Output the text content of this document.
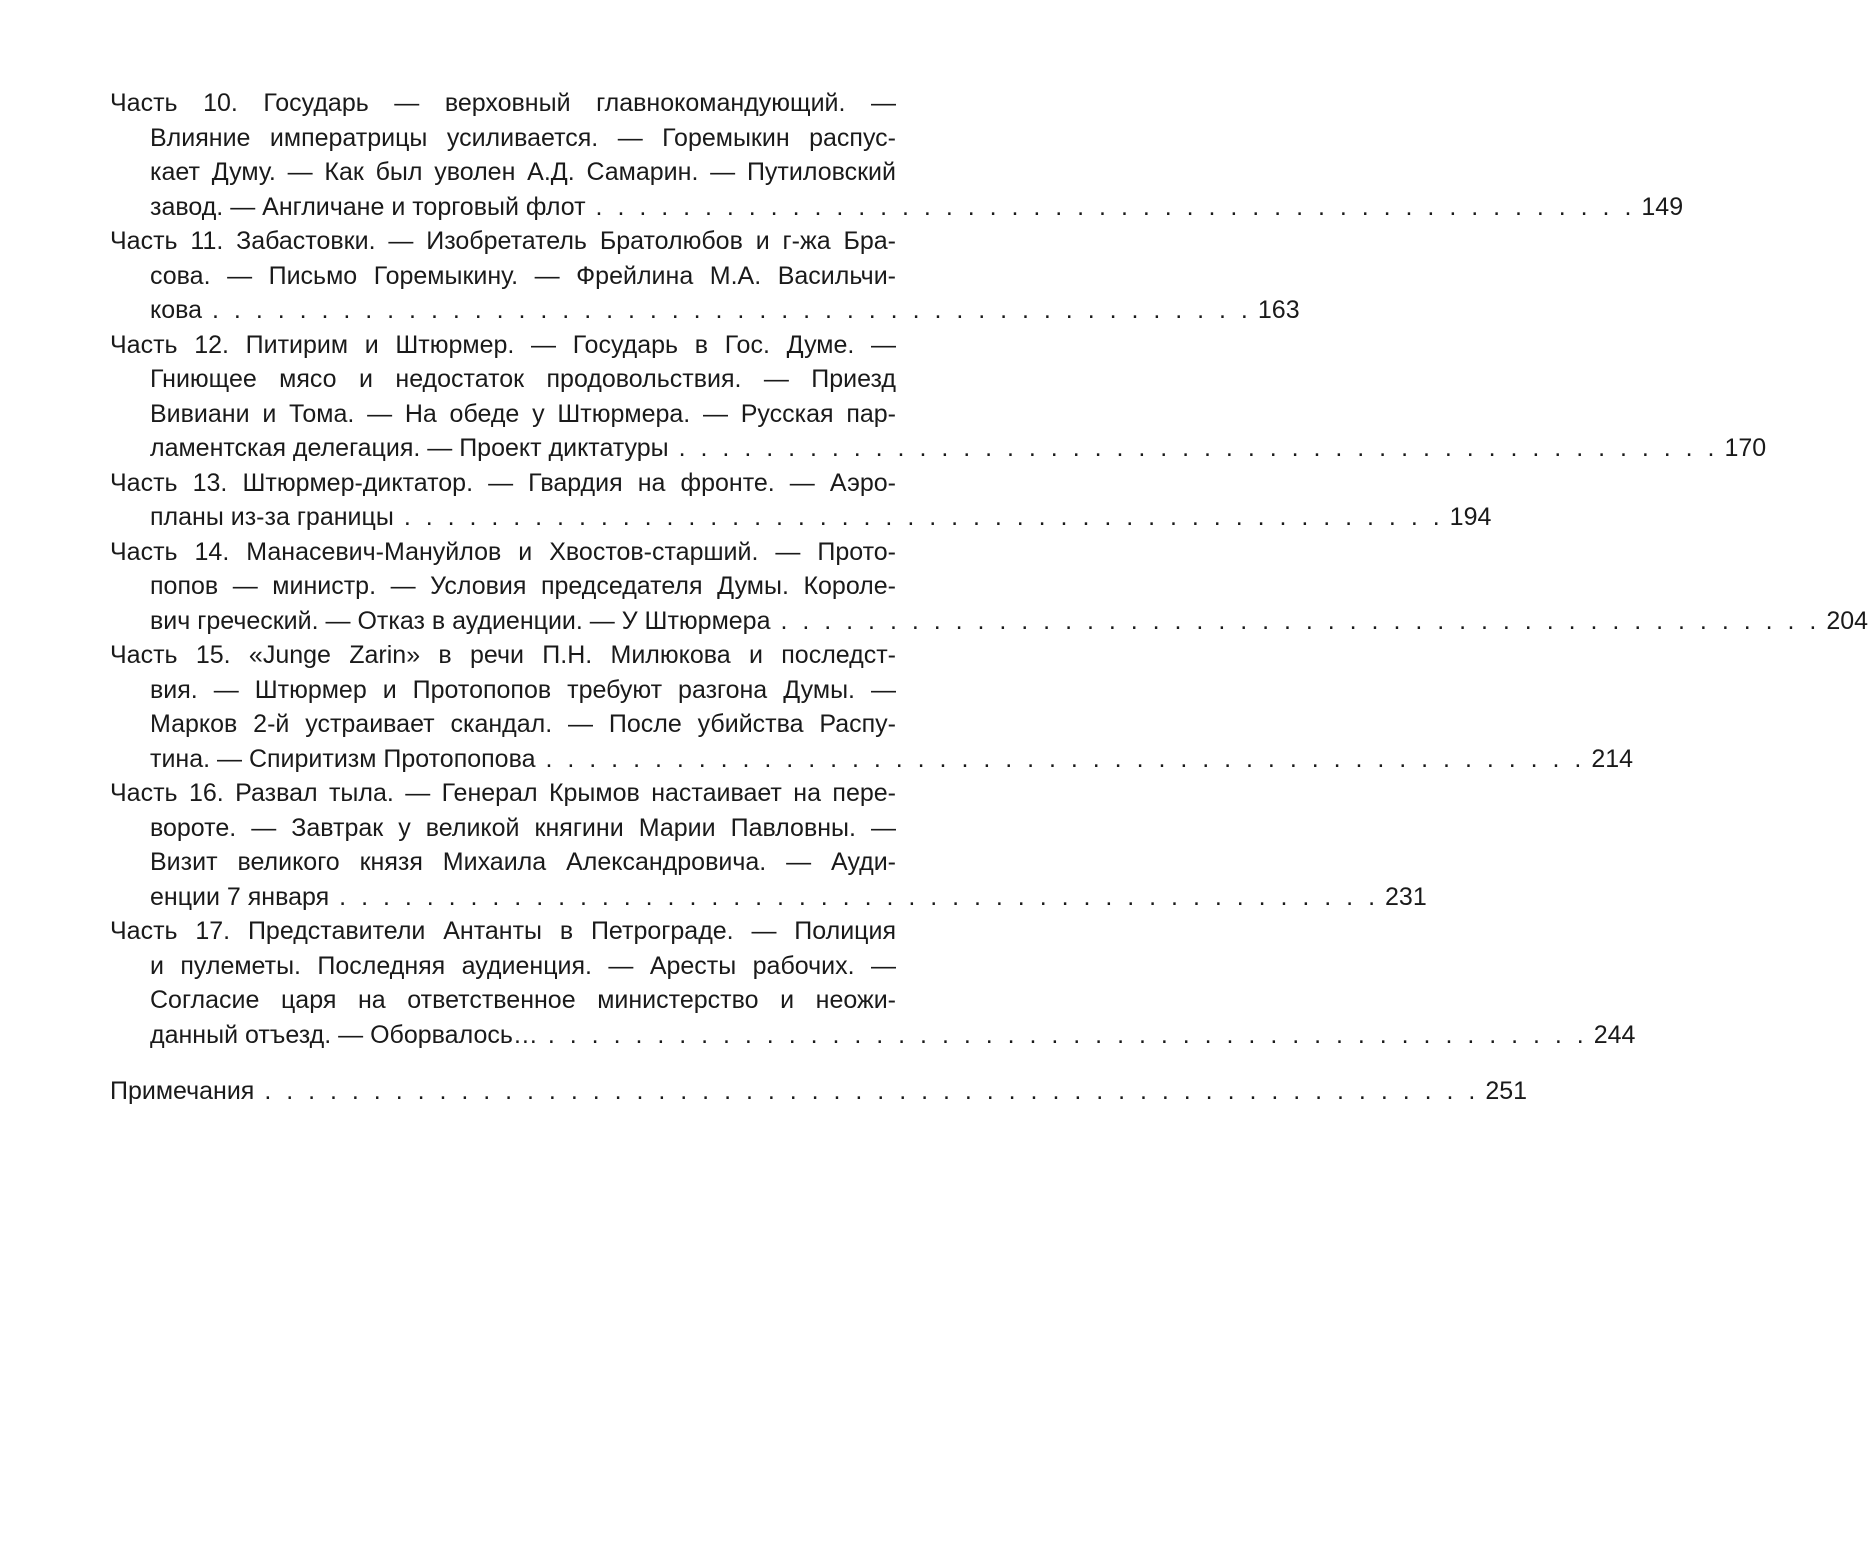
Часть 10. Государь — верховный главнокомандующий. —
Влияние императрицы усиливается. — Горемыкин распус-
кает Думу. — Как был уволен А.Д. Самарин. — Путиловский
завод. — Англичане и торговый флот . . . . . . . . . . . . . . . . . . . . . . . . . . . . . . . . . . . . . . . . . . . . . . . . 149
Часть 11. Забастовки. — Изобретатель Братолюбов и г-жа Бра-
сова. — Письмо Горемыкину. — Фрейлина М.А. Васильчи-
кова . . . . . . . . . . . . . . . . . . . . . . . . . . . . . . . . . . . . . . . . . . . . . . . . 163
Часть 12. Питирим и Штюрмер. — Государь в Гос. Думе. —
Гниющее мясо и недостаток продовольствия. — Приезд
Вивиани и Тома. — На обеде у Штюрмера. — Русская пар-
ламентская делегация. — Проект диктатуры . . . . . . . . . . . . . . . . . . . . . . . . . . . . . . . . . . . . . . . . . . . . . . . . 170
Часть 13. Штюрмер-диктатор. — Гвардия на фронте. — Аэро-
планы из-за границы . . . . . . . . . . . . . . . . . . . . . . . . . . . . . . . . . . . . . . . . . . . . . . . . 194
Часть 14. Манасевич-Мануйлов и Хвостов-старший. — Прото-
попов — министр. — Условия председателя Думы. Королe-
вич греческий. — Отказ в аудиенции. — У Штюрмера . . . . . . . . . . . . . . . . . . . . . . . . . . . . . . . . . . . . . . . . . . . . . . . . 204
Часть 15. «Junge Zarin» в речи П.Н. Милюкова и последст-
вия. — Штюрмер и Протопопов требуют разгона Думы. —
Марков 2-й устраивает скандал. — После убийства Распу-
тина. — Спиритизм Протопопова . . . . . . . . . . . . . . . . . . . . . . . . . . . . . . . . . . . . . . . . . . . . . . . . 214
Часть 16. Развал тыла. — Генерал Крымов настаивает на пере-
вороте. — Завтрак у великой княгини Марии Павловны. —
Визит великого князя Михаила Александровича. — Ауди-
енции 7 января . . . . . . . . . . . . . . . . . . . . . . . . . . . . . . . . . . . . . . . . . . . . . . . . 231
Часть 17. Представители Антанты в Петрограде. — Полиция
и пулеметы. Последняя аудиенция. — Аресты рабочих. —
Согласие царя на ответственное министерство и неожи-
данный отъезд. — Оборвалось… . . . . . . . . . . . . . . . . . . . . . . . . . . . . . . . . . . . . . . . . . . . . . . . . 244
Примечания . . . . . . . . . . . . . . . . . . . . . . . . . . . . . . . . . . . . . . . . . . . . . . . . . . . . . . . . 251
